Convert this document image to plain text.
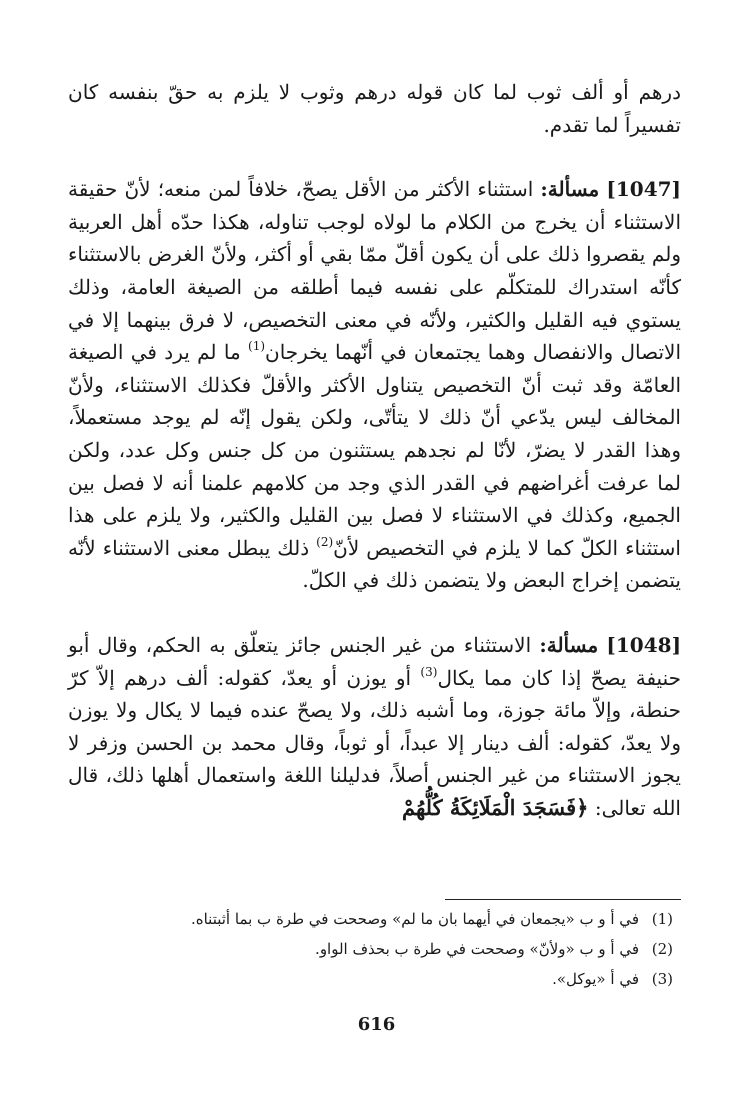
درهم أو ألف ثوب لما كان قوله درهم وثوب لا يلزم به حقّ بنفسه كان تفسيراً لما تقدم.

[1047] مسألة: استثناء الأكثر من الأقل يصحّ، خلافاً لمن منعه؛ لأنّ حقيقة الاستثناء أن يخرج من الكلام ما لولاه لوجب تناوله، هكذا حدّه أهل العربية ولم يقصروا ذلك على أن يكون أقلّ ممّا بقي أو أكثر، ولأنّ الغرض بالاستثناء كأنّه استدراك للمتكلّم على نفسه فيما أطلقه من الصيغة العامة، وذلك يستوي فيه القليل والكثير، ولأنّه في معنى التخصيص، لا فرق بينهما إلا في الاتصال والانفصال وهما يجتمعان في أنّهما يخرجان$^{(1)}$ ما لم يرد في الصيغة العامّة وقد ثبت أنّ التخصيص يتناول الأكثر والأقلّ فكذلك الاستثناء، ولأنّ المخالف ليس يدّعي أنّ ذلك لا يتأتّى، ولكن يقول إنّه لم يوجد مستعملاً، وهذا القدر لا يضرّ، لأنّا لم نجدهم يستثنون من كل جنس وكل عدد، ولكن لما عرفت أغراضهم في القدر الذي وجد من كلامهم علمنا أنه لا فصل بين الجميع، وكذلك في الاستثناء لا فصل بين القليل والكثير، ولا يلزم على هذا استثناء الكلّ كما لا يلزم في التخصيص لأنّ$^{(2)}$ ذلك يبطل معنى الاستثناء لأنّه يتضمن إخراج البعض ولا يتضمن ذلك في الكلّ.

[1048] مسألة: الاستثناء من غير الجنس جائز يتعلّق به الحكم، وقال أبو حنيفة يصحّ إذا كان مما يكال$^{(3)}$ أو يوزن أو يعدّ، كقوله: ألف درهم إلاّ كرّ حنطة، وإلاّ مائة جوزة، وما أشبه ذلك، ولا يصحّ عنده فيما لا يكال ولا يوزن ولا يعدّ، كقوله: ألف دينار إلا عبداً، أو ثوباً، وقال محمد بن الحسن وزفر لا يجوز الاستثناء من غير الجنس أصلاً، فدليلنا اللغة واستعمال أهلها ذلك، قال الله تعالى: ﴿فَسَجَدَ الْمَلَائِكَةُ كُلُّهُمْ

(1)في أ و ب «يجمعان في أيهما بان ما لم» وصححت في طرة ب بما أثبتناه.

(2)في أ و ب «ولأنّ» وصححت في طرة ب بحذف الواو.

(3)في أ «يوكل».

616
